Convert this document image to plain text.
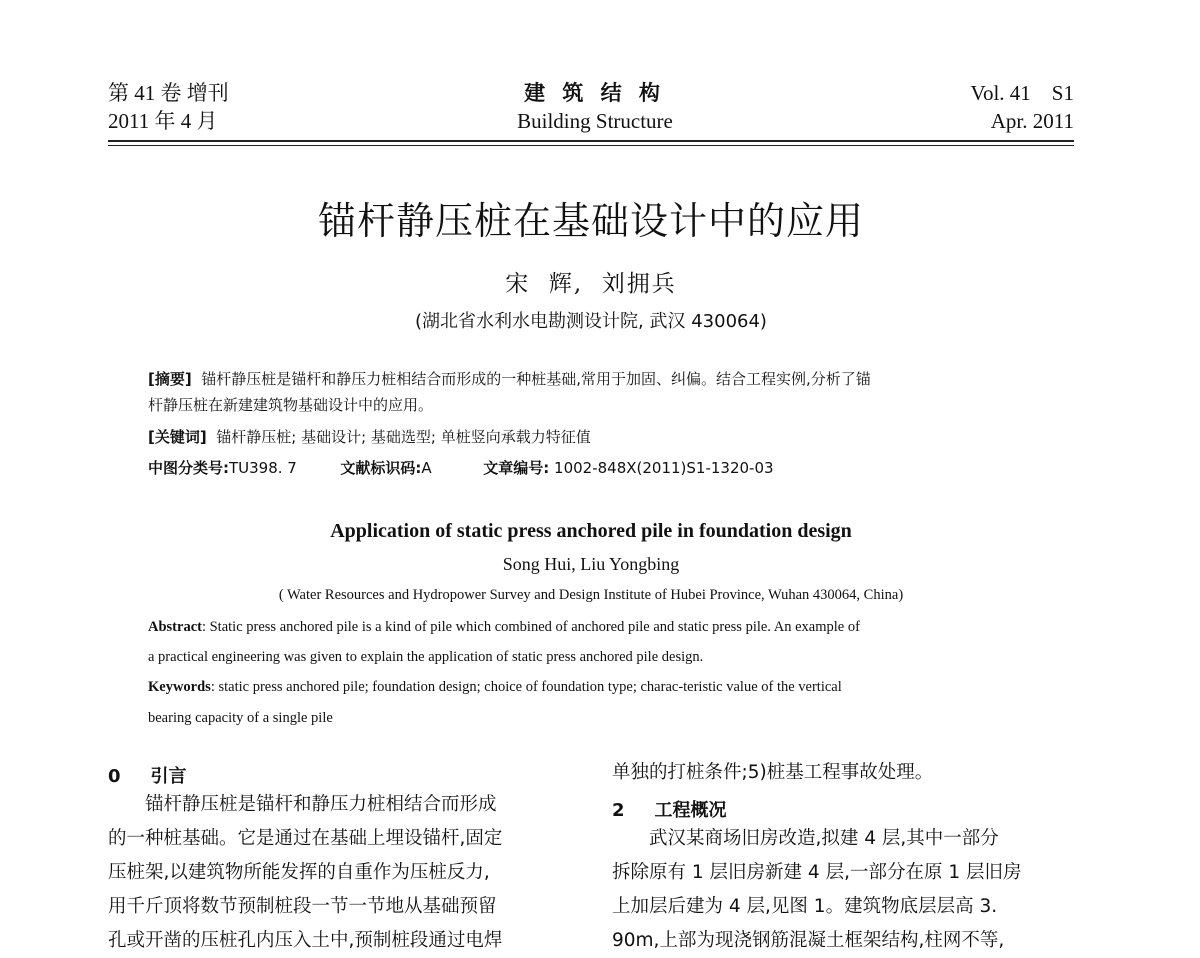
第 41 卷 增刊
2011 年 4 月
建 筑 结 构
Building Structure
Vol. 41    S1
Apr. 2011
锚杆静压桩在基础设计中的应用
宋  辉,  刘拥兵
(湖北省水利水电勘测设计院, 武汉 430064)
[摘要] 锚杆静压桩是锚杆和静压力桩相结合而形成的一种桩基础,常用于加固、纠偏。结合工程实例,分析了锚
杆静压桩在新建建筑物基础设计中的应用。
[关键词] 锚杆静压桩; 基础设计; 基础选型; 单桩竖向承载力特征值
中图分类号:TU398. 7	文献标识码:A	文章编号: 1002-848X(2011)S1-1320-03
Application of static press anchored pile in foundation design
Song Hui, Liu Yongbing
( Water Resources and Hydropower Survey and Design Institute of Hubei Province, Wuhan 430064, China)
Abstract: Static press anchored pile is a kind of pile which combined of anchored pile and static press pile. An example of
a practical engineering was given to explain the application of static press anchored pile design.
Keywords: static press anchored pile; foundation design; choice of foundation type; charac-teristic value of the vertical
bearing capacity of a single pile
0 引言
锚杆静压桩是锚杆和静压力桩相结合而形成
的一种桩基础。它是通过在基础上埋设锚杆,固定
压桩架,以建筑物所能发挥的自重作为压桩反力,
用千斤顶将数节预制桩段一节一节地从基础预留
孔或开凿的压桩孔内压入土中,预制桩段通过电焊
单独的打桩条件;5)桩基工程事故处理。
2 工程概况
武汉某商场旧房改造,拟建 4 层,其中一部分
拆除原有 1 层旧房新建 4 层,一部分在原 1 层旧房
上加层后建为 4 层,见图 1。建筑物底层层高 3.
90m,上部为现浇钢筋混凝土框架结构,柱网不等,
